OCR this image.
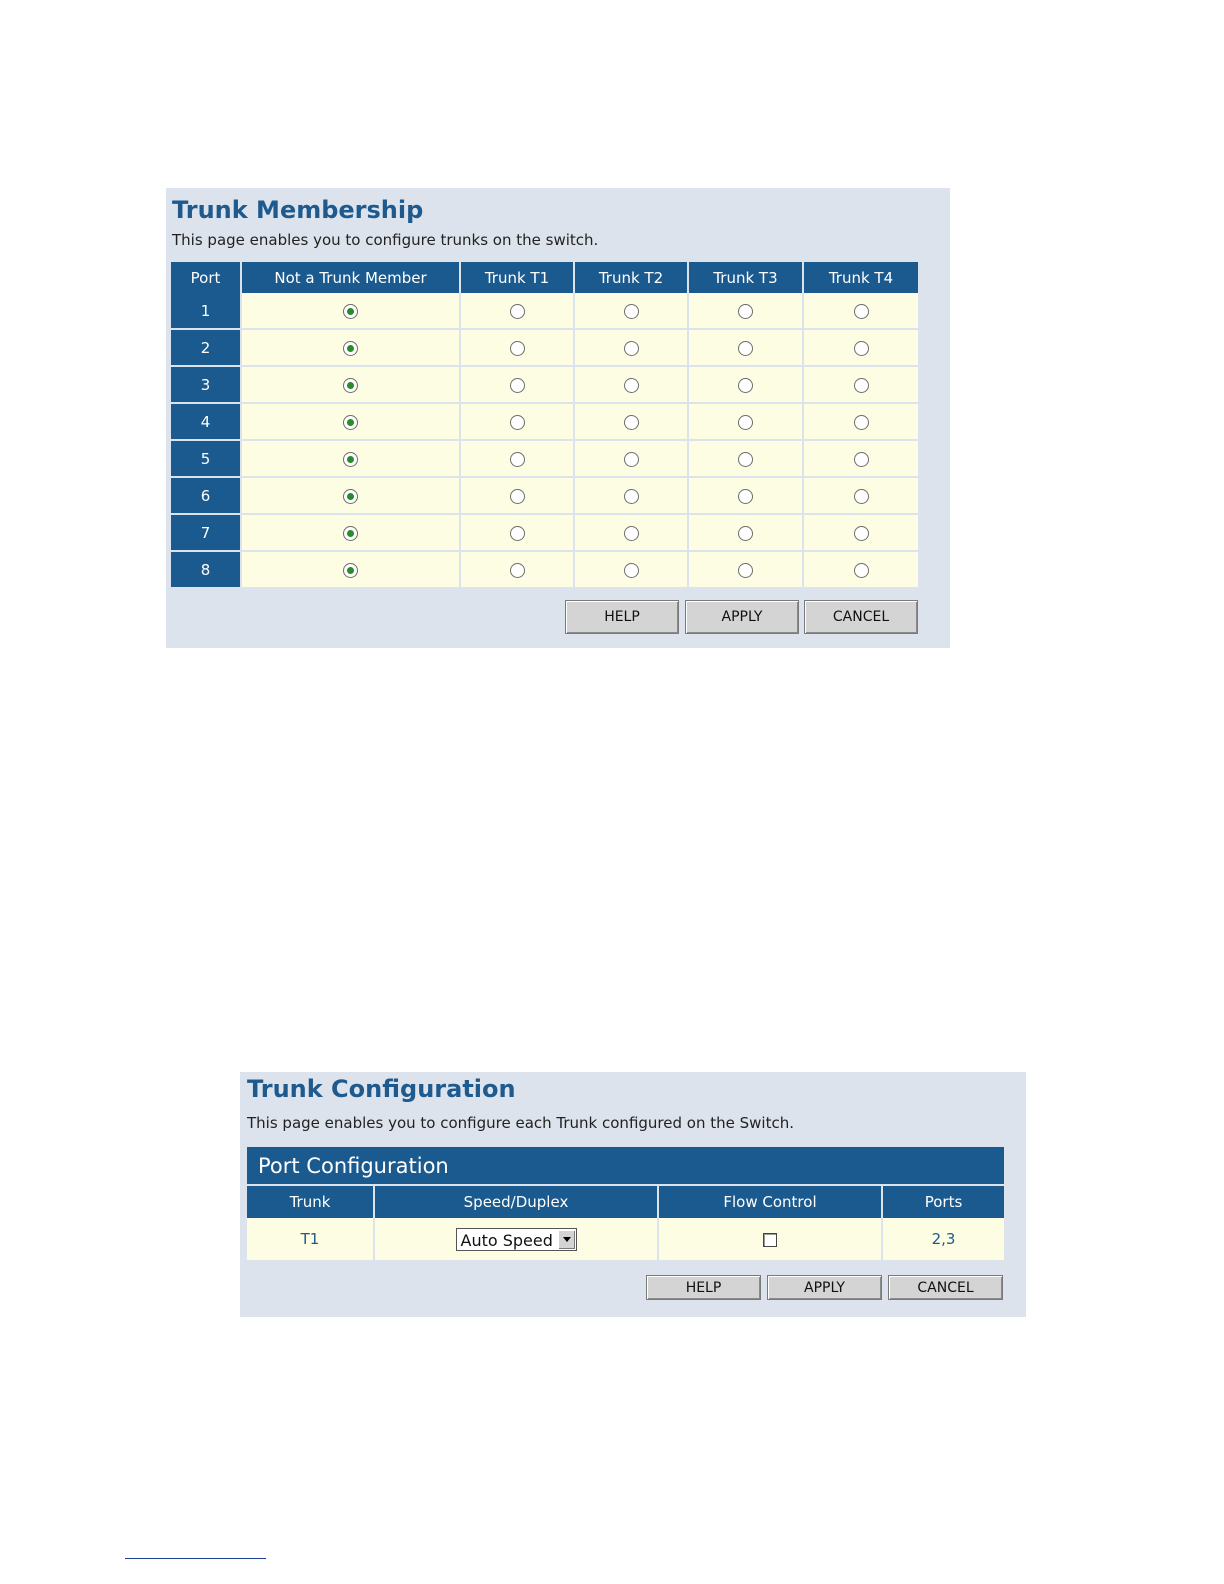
Trunk Membership
This page enables you to configure trunks on the switch.
Port	Not a Trunk Member	Trunk T1	Trunk T2	Trunk T3	Trunk T4
1					
2					
3					
4					
5					
6					
7					
8					
HELP	APPLY	CANCEL
Trunk Configuration
This page enables you to configure each Trunk configured on the Switch.
Port Configuration			
Trunk	Speed/Duplex	Flow Control	Ports
T1	Auto Speed		2,3
HELP	APPLY	CANCEL
